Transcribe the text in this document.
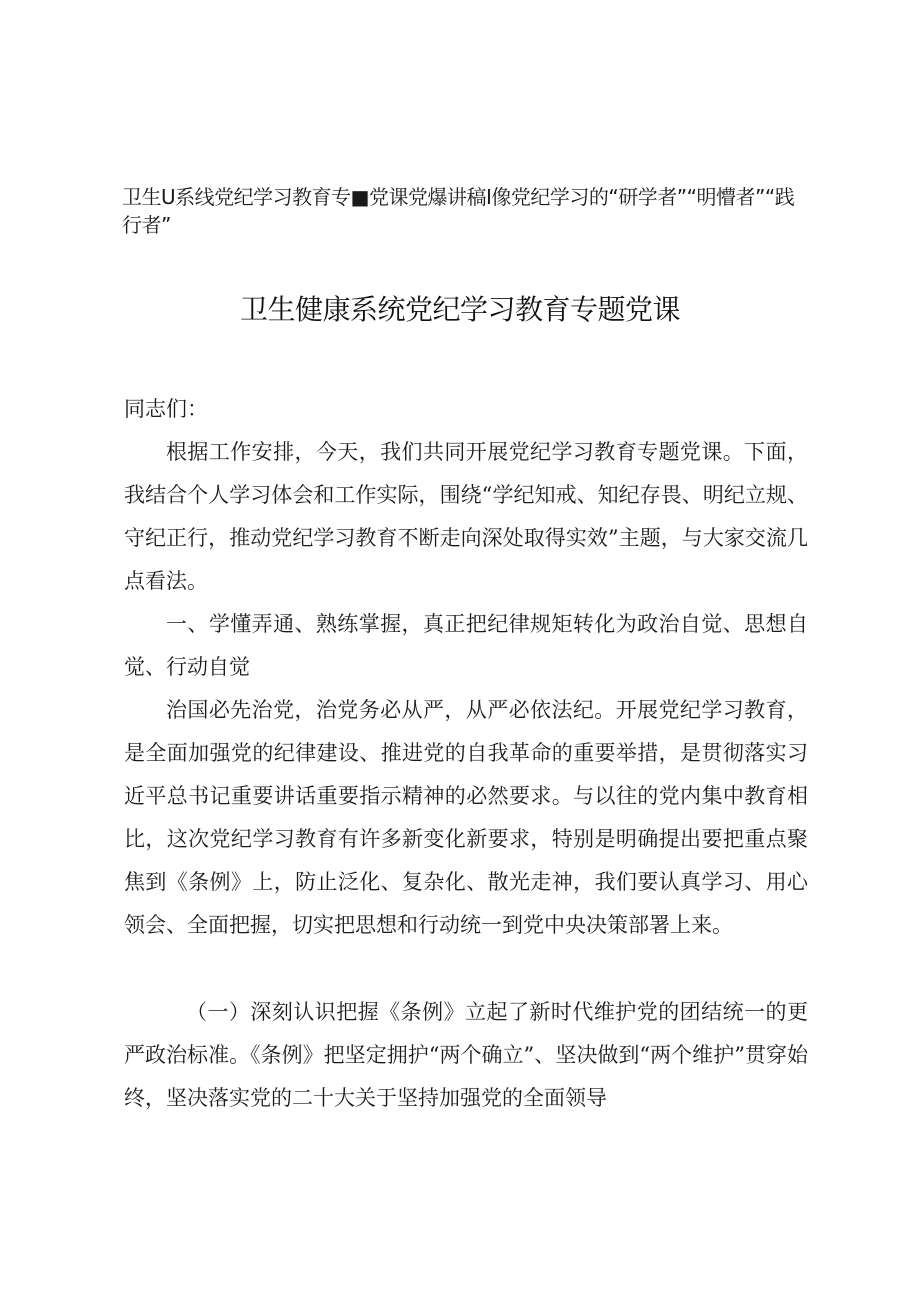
卫生U系线党纪学习教育专■党课党爆讲稿I像党纪学习的“研学者”“明懵者”“践行者”
卫生健康系统党纪学习教育专题党课
同志们：
根据工作安排，今天，我们共同开展党纪学习教育专题党课。下面，我结合个人学习体会和工作实际，围绕“学纪知戒、知纪存畏、明纪立规、守纪正行，推动党纪学习教育不断走向深处取得实效”主题，与大家交流几点看法。
一、学懂弄通、熟练掌握，真正把纪律规矩转化为政治自觉、思想自觉、行动自觉
治国必先治党，治党务必从严，从严必依法纪。开展党纪学习教育，是全面加强党的纪律建设、推进党的自我革命的重要举措，是贯彻落实习近平总书记重要讲话重要指示精神的必然要求。与以往的党内集中教育相比，这次党纪学习教育有许多新变化新要求，特别是明确提出要把重点聚焦到《条例》上，防止泛化、复杂化、散光走神，我们要认真学习、用心领会、全面把握，切实把思想和行动统一到党中央决策部署上来。
（一）深刻认识把握《条例》立起了新时代维护党的团结统一的更严政治标准。《条例》把坚定拥护“两个确立”、坚决做到“两个维护”贯穿始终，坚决落实党的二十大关于坚持加强党的全面领导
